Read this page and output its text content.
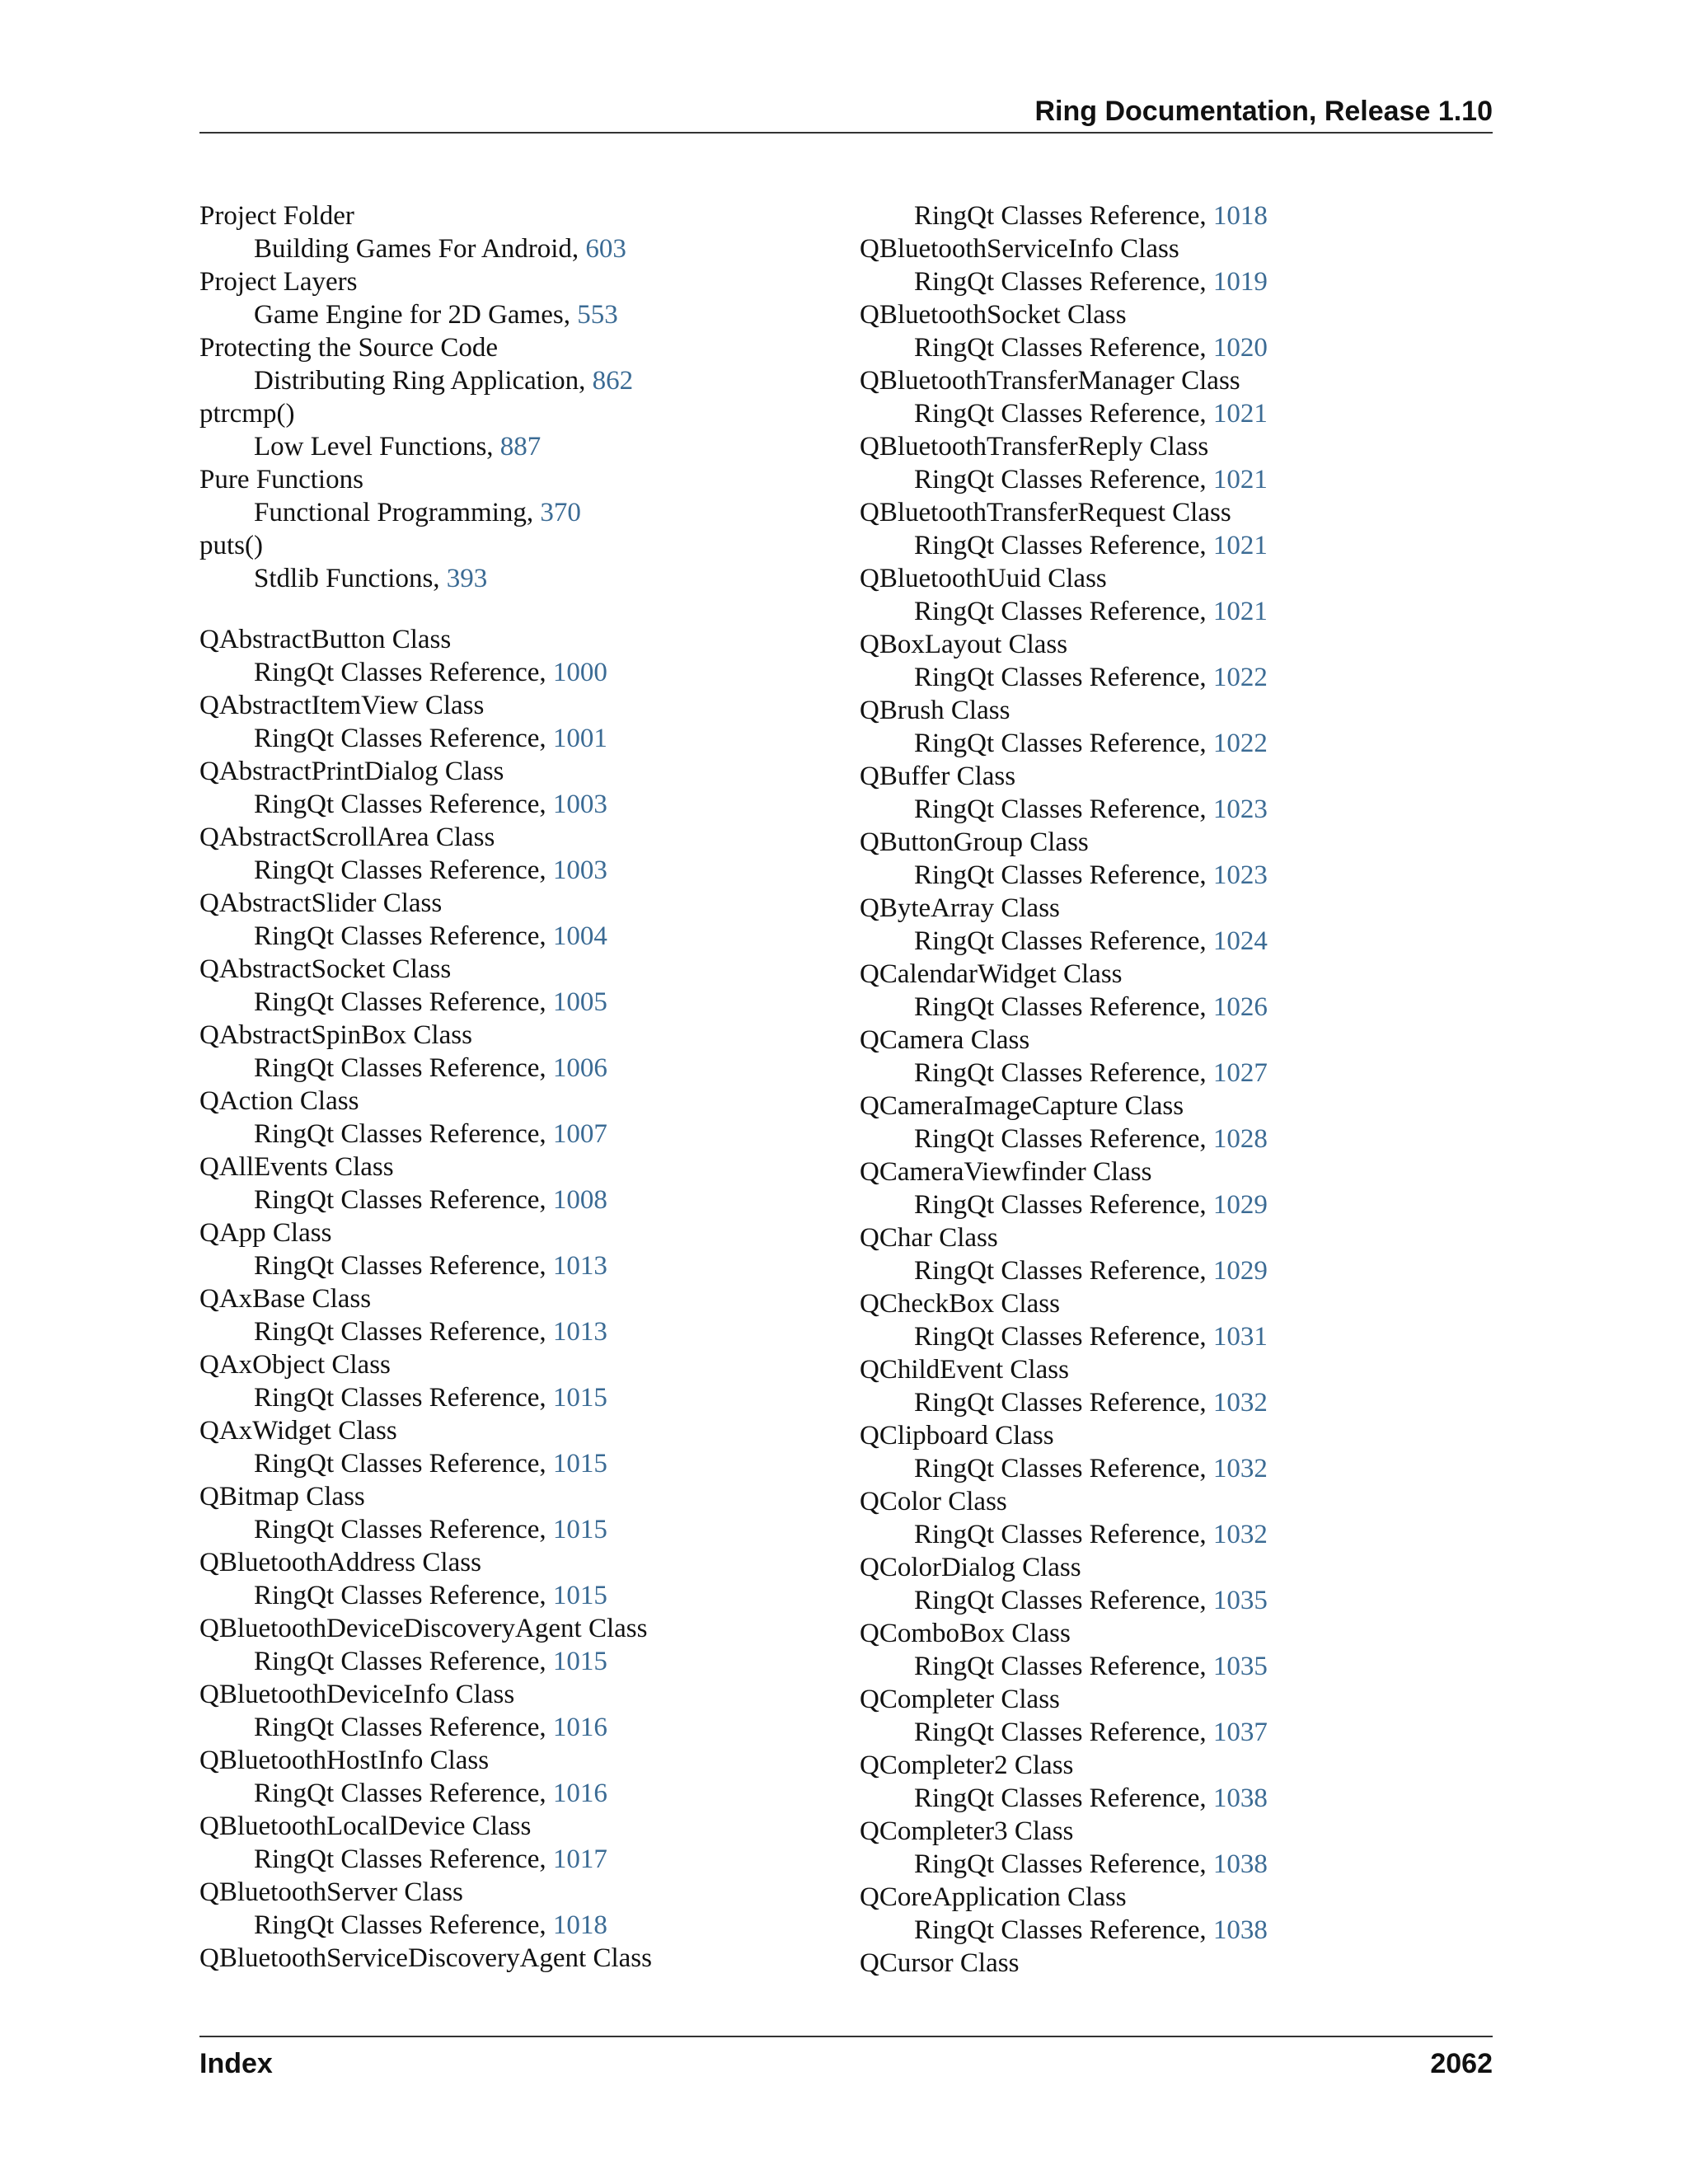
Ring Documentation, Release 1.10
Project Folder
Building Games For Android, 603
Project Layers
Game Engine for 2D Games, 553
Protecting the Source Code
Distributing Ring Application, 862
ptrcmp()
Low Level Functions, 887
Pure Functions
Functional Programming, 370
puts()
Stdlib Functions, 393
QAbstractButton Class
RingQt Classes Reference, 1000
QAbstractItemView Class
RingQt Classes Reference, 1001
QAbstractPrintDialog Class
RingQt Classes Reference, 1003
QAbstractScrollArea Class
RingQt Classes Reference, 1003
QAbstractSlider Class
RingQt Classes Reference, 1004
QAbstractSocket Class
RingQt Classes Reference, 1005
QAbstractSpinBox Class
RingQt Classes Reference, 1006
QAction Class
RingQt Classes Reference, 1007
QAllEvents Class
RingQt Classes Reference, 1008
QApp Class
RingQt Classes Reference, 1013
QAxBase Class
RingQt Classes Reference, 1013
QAxObject Class
RingQt Classes Reference, 1015
QAxWidget Class
RingQt Classes Reference, 1015
QBitmap Class
RingQt Classes Reference, 1015
QBluetoothAddress Class
RingQt Classes Reference, 1015
QBluetoothDeviceDiscoveryAgent Class
RingQt Classes Reference, 1015
QBluetoothDeviceInfo Class
RingQt Classes Reference, 1016
QBluetoothHostInfo Class
RingQt Classes Reference, 1016
QBluetoothLocalDevice Class
RingQt Classes Reference, 1017
QBluetoothServer Class
RingQt Classes Reference, 1018
QBluetoothServiceDiscoveryAgent Class
RingQt Classes Reference, 1018
QBluetoothServiceInfo Class
RingQt Classes Reference, 1019
QBluetoothSocket Class
RingQt Classes Reference, 1020
QBluetoothTransferManager Class
RingQt Classes Reference, 1021
QBluetoothTransferReply Class
RingQt Classes Reference, 1021
QBluetoothTransferRequest Class
RingQt Classes Reference, 1021
QBluetoothUuid Class
RingQt Classes Reference, 1021
QBoxLayout Class
RingQt Classes Reference, 1022
QBrush Class
RingQt Classes Reference, 1022
QBuffer Class
RingQt Classes Reference, 1023
QButtonGroup Class
RingQt Classes Reference, 1023
QByteArray Class
RingQt Classes Reference, 1024
QCalendarWidget Class
RingQt Classes Reference, 1026
QCamera Class
RingQt Classes Reference, 1027
QCameraImageCapture Class
RingQt Classes Reference, 1028
QCameraViewfinder Class
RingQt Classes Reference, 1029
QChar Class
RingQt Classes Reference, 1029
QCheckBox Class
RingQt Classes Reference, 1031
QChildEvent Class
RingQt Classes Reference, 1032
QClipboard Class
RingQt Classes Reference, 1032
QColor Class
RingQt Classes Reference, 1032
QColorDialog Class
RingQt Classes Reference, 1035
QComboBox Class
RingQt Classes Reference, 1035
QCompleter Class
RingQt Classes Reference, 1037
QCompleter2 Class
RingQt Classes Reference, 1038
QCompleter3 Class
RingQt Classes Reference, 1038
QCoreApplication Class
RingQt Classes Reference, 1038
QCursor Class
Index	2062
